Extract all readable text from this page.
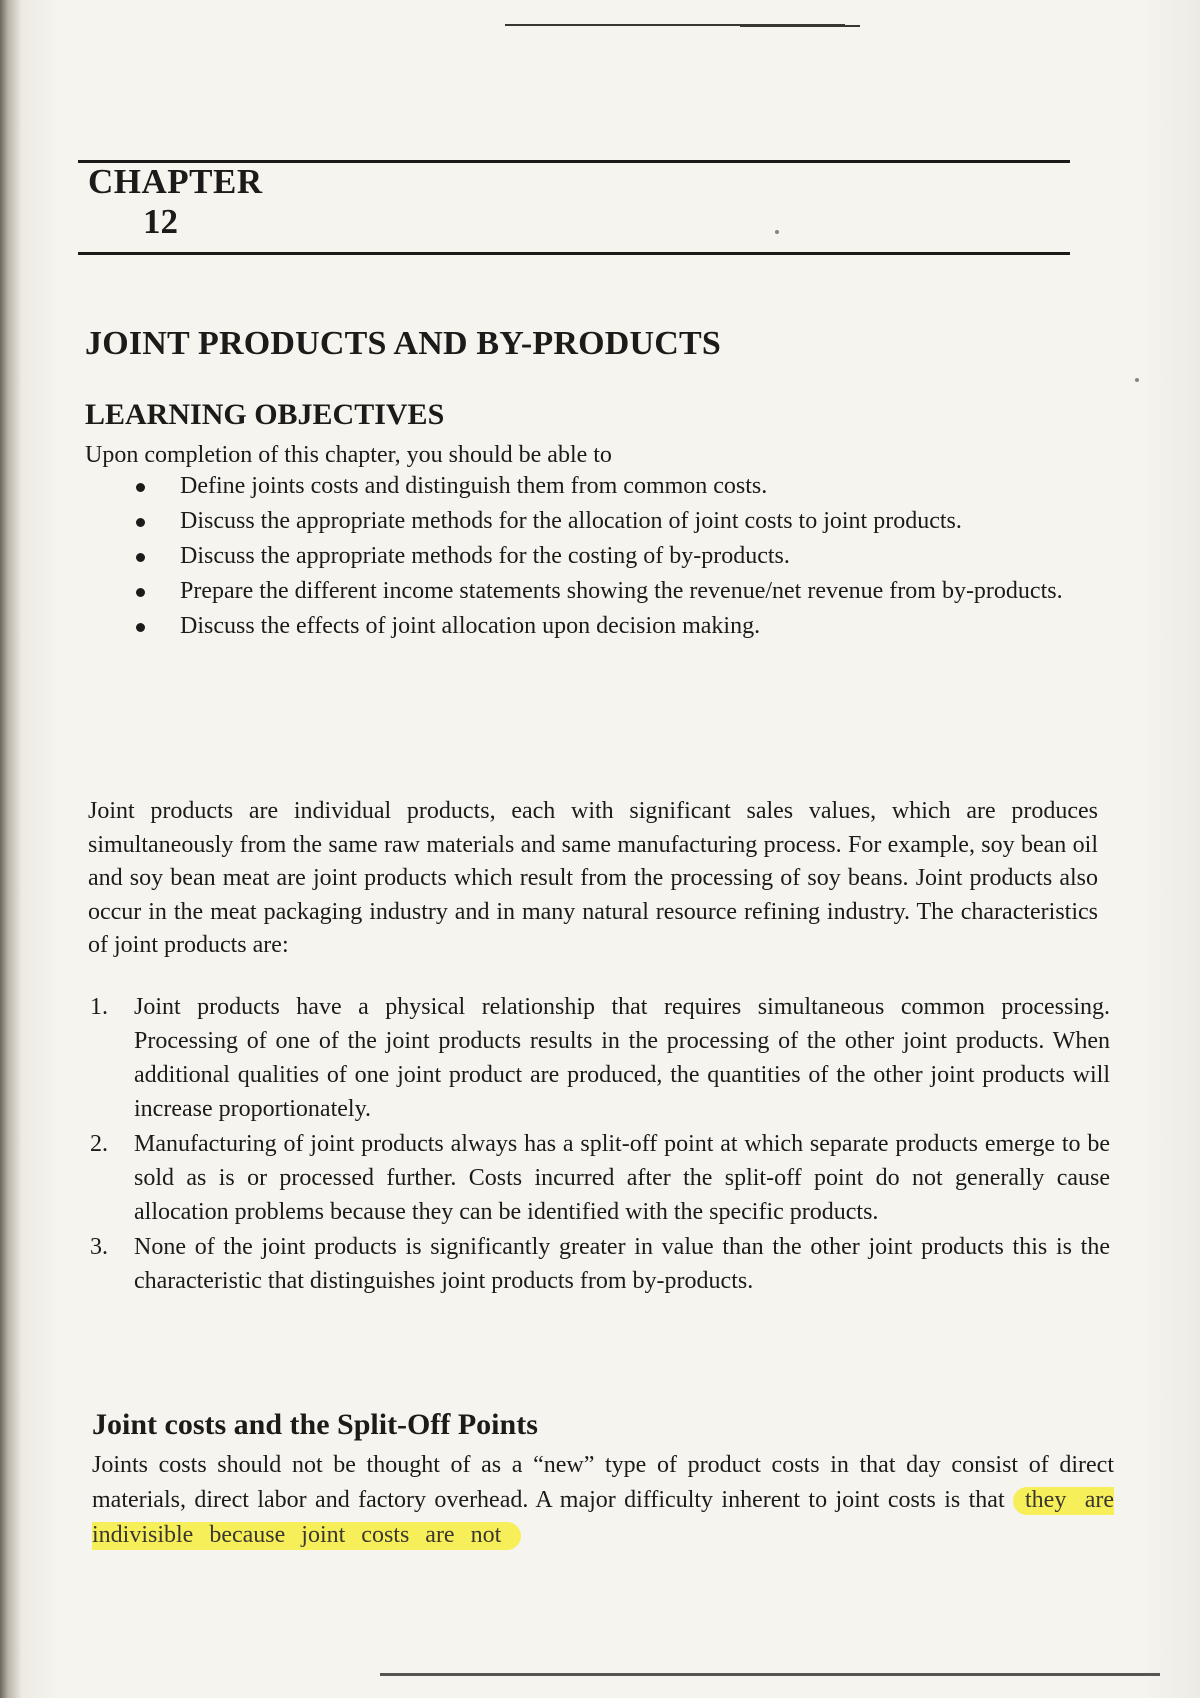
CHAPTER
12
JOINT PRODUCTS AND BY-PRODUCTS
LEARNING OBJECTIVES
Upon completion of this chapter, you should be able to
Define joints costs and distinguish them from common costs.
Discuss the appropriate methods for the allocation of joint costs to joint products.
Discuss the appropriate methods for the costing of by-products.
Prepare the different income statements showing the revenue/net revenue from by-products.
Discuss the effects of joint allocation upon decision making.

Joint products are individual products, each with significant sales values, which are produces simultaneously from the same raw materials and same manufacturing process. For example, soy bean oil and soy bean meat are joint products which result from the processing of soy beans. Joint products also occur in the meat packaging industry and in many natural resource refining industry. The characteristics of joint products are:

1. Joint products have a physical relationship that requires simultaneous common processing. Processing of one of the joint products results in the processing of the other joint products. When additional qualities of one joint product are produced, the quantities of the other joint products will increase proportionately.
2. Manufacturing of joint products always has a split-off point at which separate products emerge to be sold as is or processed further. Costs incurred after the split-off point do not generally cause allocation problems because they can be identified with the specific products.
3. None of the joint products is significantly greater in value than the other joint products this is the characteristic that distinguishes joint products from by-products.
Joint costs and the Split-Off Points

Joints costs should not be thought of as a “new” type of product costs in that day consist of direct materials, direct labor and factory overhead. A major difficulty inherent to joint costs is that they are indivisible because joint costs are not
